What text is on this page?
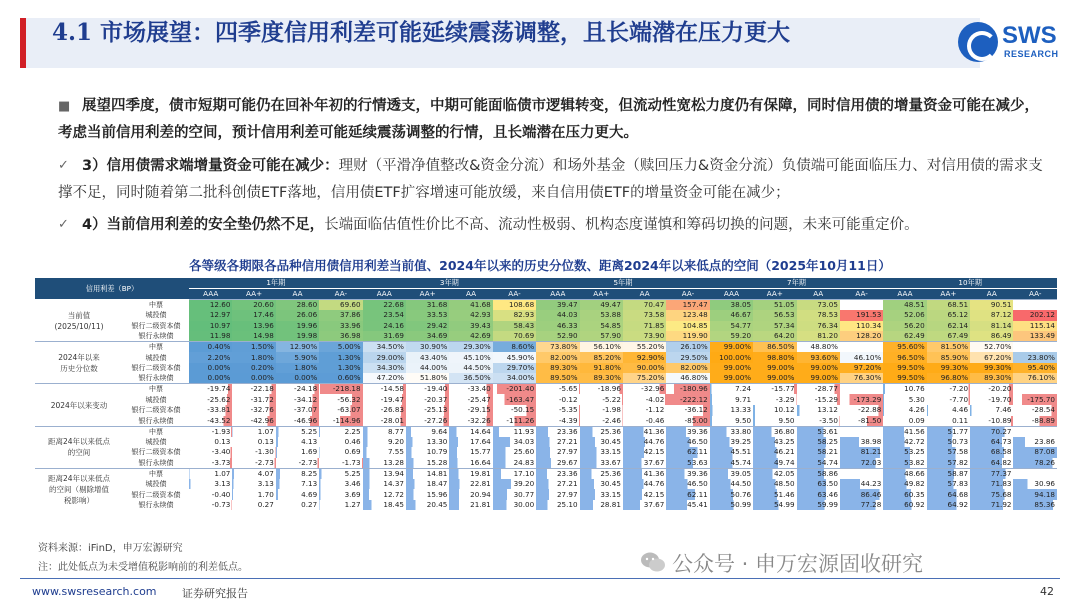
4.1 市场展望：四季度信用利差可能延续震荡调整，且长端潜在压力更大	SWS
RESEARCH
■ 展望四季度，债市短期可能仍在回补年初的行情透支，中期可能面临债市逻辑转变，但流动性宽松力度仍有保障，同时信用债的增量资金可能在减少，考虑当前信用利差的空间，预计信用利差可能延续震荡调整的行情，且长端潜在压力更大。
✓ 3）信用债需求端增量资金可能在减少：理财（平滑净值整改&资金分流）和场外基金（赎回压力&资金分流）负债端可能面临压力、对信用债的需求支撑不足，同时随着第二批科创债ETF落地，信用债ETF扩容增速可能放缓，来自信用债ETF的增量资金可能在减少；
✓ 4）当前信用利差的安全垫仍然不足，长端面临估值性价比不高、流动性极弱、机构态度谨慎和筹码切换的问题，未来可能重定价。
各等级各期限各品种信用债信用利差当前值、2024年以来的历史分位数、距离2024年以来低点的空间（2025年10月11日）
信用利差（BP）		1年期				3年期				5年期				7年期				10年期			
		AAA	AA+	AA	AA-	AAA	AA+	AA	AA-	AAA	AA+	AA	AA-	AAA	AA+	AA	AA-	AAA	AA+	AA	AA-
当前值
(2025/10/11)	中票	12.60	20.60	28.60	69.60	22.68	31.68	41.68	108.68	39.47	49.47	70.47	157.47	38.05	51.05	73.05		48.51	68.51	90.51	
	城投债	12.97	17.46	26.06	37.86	23.54	33.53	42.93	82.93	44.03	53.88	73.58	123.48	46.67	56.53	78.53	191.53	52.06	65.12	87.12	202.12
	银行二级资本债	10.97	13.96	19.96	33.96	24.16	29.42	39.43	58.43	46.33	54.85	71.85	104.85	54.77	57.34	76.34	110.34	56.20	62.14	81.14	115.14
	银行永续债	11.98	14.98	19.98	36.98	31.69	34.69	42.69	70.69	52.90	57.90	73.90	119.90	59.20	64.20	81.20	128.20	62.49	67.49	86.49	133.49
2024年以来
历史分位数	中票	0.40%	1.50%	12.90%	5.00%	34.50%	30.90%	29.30%	8.60%	73.80%	56.10%	55.20%	26.10%	99.00%	86.50%	48.80%		95.60%	81.50%	52.70%	
	城投债	2.20%	1.80%	5.90%	1.30%	29.00%	43.40%	45.10%	45.90%	82.00%	85.20%	92.90%	29.50%	100.00%	98.80%	93.60%	46.10%	96.50%	85.90%	67.20%	23.80%
	银行二级资本债	0.00%	0.20%	1.80%	1.30%	34.30%	44.00%	44.50%	29.70%	89.30%	91.80%	90.00%	82.00%	99.00%	99.00%	99.00%	97.20%	99.50%	99.30%	99.30%	95.40%
	银行永续债	0.00%	0.00%	0.00%	0.60%	47.20%	51.80%	36.50%	34.00%	89.50%	89.30%	75.20%	46.80%	99.00%	99.00%	99.00%	76.30%	99.50%	96.80%	89.30%	76.10%
2024年以来变动	中票	-19.74	-22.18	-24.18	-218.18	-14.58	-19.40	-33.40	-201.40	-5.65	-18.96	-32.96	-180.96	7.24	-15.77	-28.77		10.76	-7.20	-20.20	
	城投债	-25.62	-31.72	-34.12	-56.32	-19.47	-20.37	-25.47	-163.47	-0.12	-5.22	-4.02	-222.12	9.71	-3.29	-15.29	-173.29	5.30	-7.70	-19.70	-175.70
	银行二级资本债	-33.81	-32.76	-37.07	-63.07	-26.83	-25.13	-29.15	-50.15	-5.35	-1.98	-1.12	-36.12	13.33	10.12	13.12	-22.88	4.26	4.46	7.46	-28.54
	银行永续债	-43.52	-42.96	-46.96	-114.96	-28.01	-27.26	-32.26	-111.26	-4.39	-2.46	-0.46	-85.00	9.50	9.50	-3.50	-81.50	0.09	0.11	-10.89	-88.89
距离24年以来低点
的空间	中票	-1.93	1.07	5.25	2.25	8.77	9.64	14.64	11.93	23.36	25.36	41.36	39.36	33.80	36.80	53.61		41.56	51.77	70.27	
	城投债	0.13	0.13	4.13	0.46	9.20	13.30	17.64	34.03	27.21	30.45	44.76	46.50	39.25	43.25	58.25	38.98	42.72	50.73	64.73	23.86
	银行二级资本债	-3.40	-1.30	1.69	0.69	7.55	10.79	15.77	25.60	27.97	33.15	42.15	62.11	45.51	46.21	58.21	81.21	53.25	57.58	68.58	87.08
	银行永续债	-3.73	-2.73	-2.73	-1.73	13.28	15.28	16.64	24.83	29.67	33.67	37.67	53.63	45.74	49.74	54.74	72.03	53.82	57.82	64.82	78.26
距离24年以来低点
的空间（剔除增值
税影响）	中票	1.07	4.07	8.25	5.25	13.94	14.81	19.81	17.10	23.36	25.36	41.36	39.36	39.05	42.05	58.86		48.66	58.87	77.37	
	城投债	3.13	3.13	7.13	3.46	14.37	18.47	22.81	39.20	27.21	30.45	44.76	46.50	44.50	48.50	63.50	44.23	49.82	57.83	71.83	30.96
	银行二级资本债	-0.40	1.70	4.69	3.69	12.72	15.96	20.94	30.77	27.97	33.15	42.15	62.11	50.76	51.46	63.46	86.46	60.35	64.68	75.68	94.18
	银行永续债	-0.73	0.27	0.27	1.27	18.45	20.45	21.81	30.00	25.10	28.81	37.67	45.41	50.99	54.99	59.99	77.28	60.92	64.92	71.92	85.36
资料来源：iFinD，申万宏源研究
注：此处低点为未受增值税影响前的利差低点。	公众号 · 申万宏源固收研究
www.swsresearch.com 证券研究报告	42
